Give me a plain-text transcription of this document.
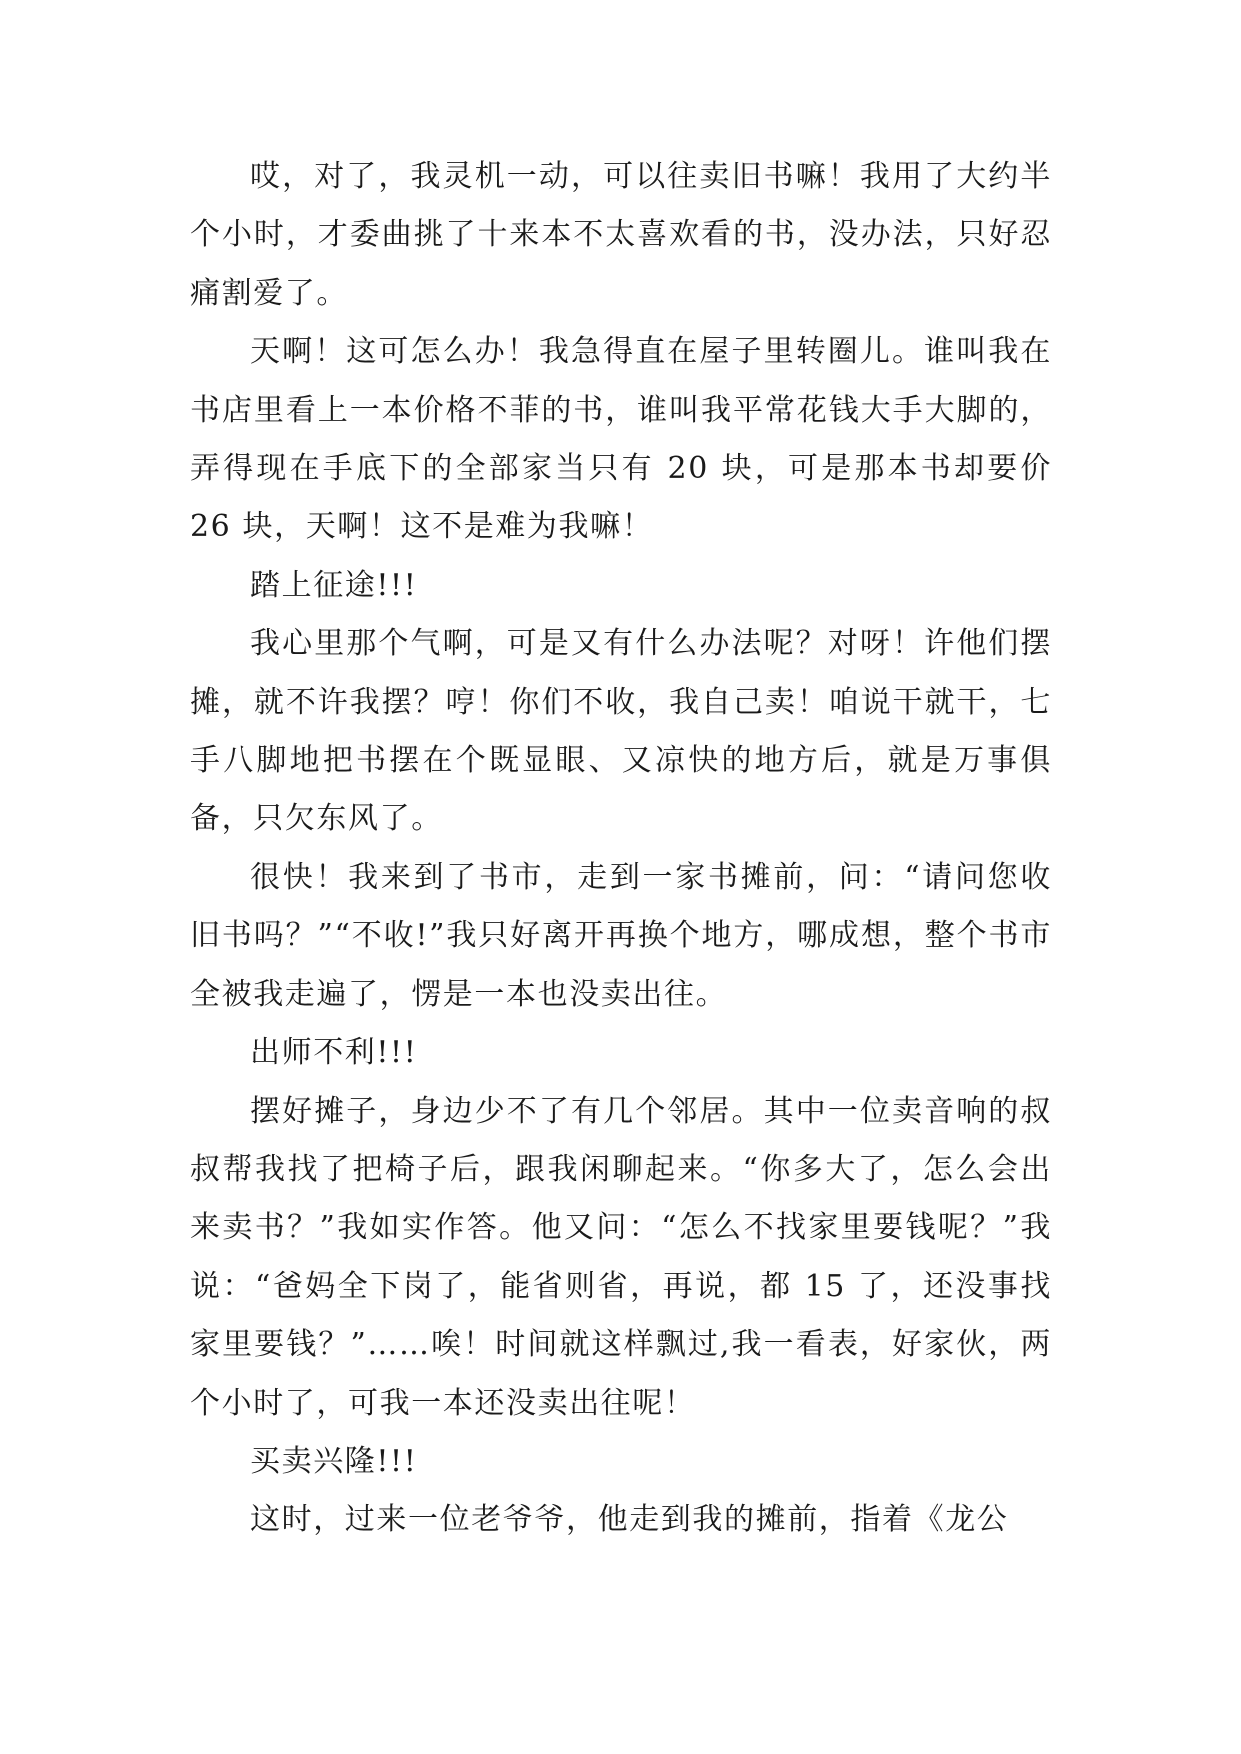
哎，对了，我灵机一动，可以往卖旧书嘛！我用了大约半个小时，才委曲挑了十来本不太喜欢看的书，没办法，只好忍痛割爱了。

天啊！这可怎么办！我急得直在屋子里转圈儿。谁叫我在书店里看上一本价格不菲的书，谁叫我平常花钱大手大脚的，弄得现在手底下的全部家当只有 20 块，可是那本书却要价 26 块，天啊！这不是难为我嘛！

踏上征途!!!

我心里那个气啊，可是又有什么办法呢？对呀！许他们摆摊，就不许我摆？哼！你们不收，我自己卖！咱说干就干，七手八脚地把书摆在个既显眼、又凉快的地方后，就是万事俱备，只欠东风了。

很快！我来到了书市，走到一家书摊前，问：“请问您收旧书吗？”“不收!”我只好离开再换个地方，哪成想，整个书市全被我走遍了，愣是一本也没卖出往。

出师不利!!!

摆好摊子，身边少不了有几个邻居。其中一位卖音响的叔叔帮我找了把椅子后，跟我闲聊起来。“你多大了，怎么会出来卖书？”我如实作答。他又问：“怎么不找家里要钱呢？”我说：“爸妈全下岗了，能省则省，再说，都 15 了，还没事找家里要钱？”……唉！时间就这样飘过,我一看表，好家伙，两个小时了，可我一本还没卖出往呢！

买卖兴隆!!!

这时，过来一位老爷爷，他走到我的摊前，指着《龙公
